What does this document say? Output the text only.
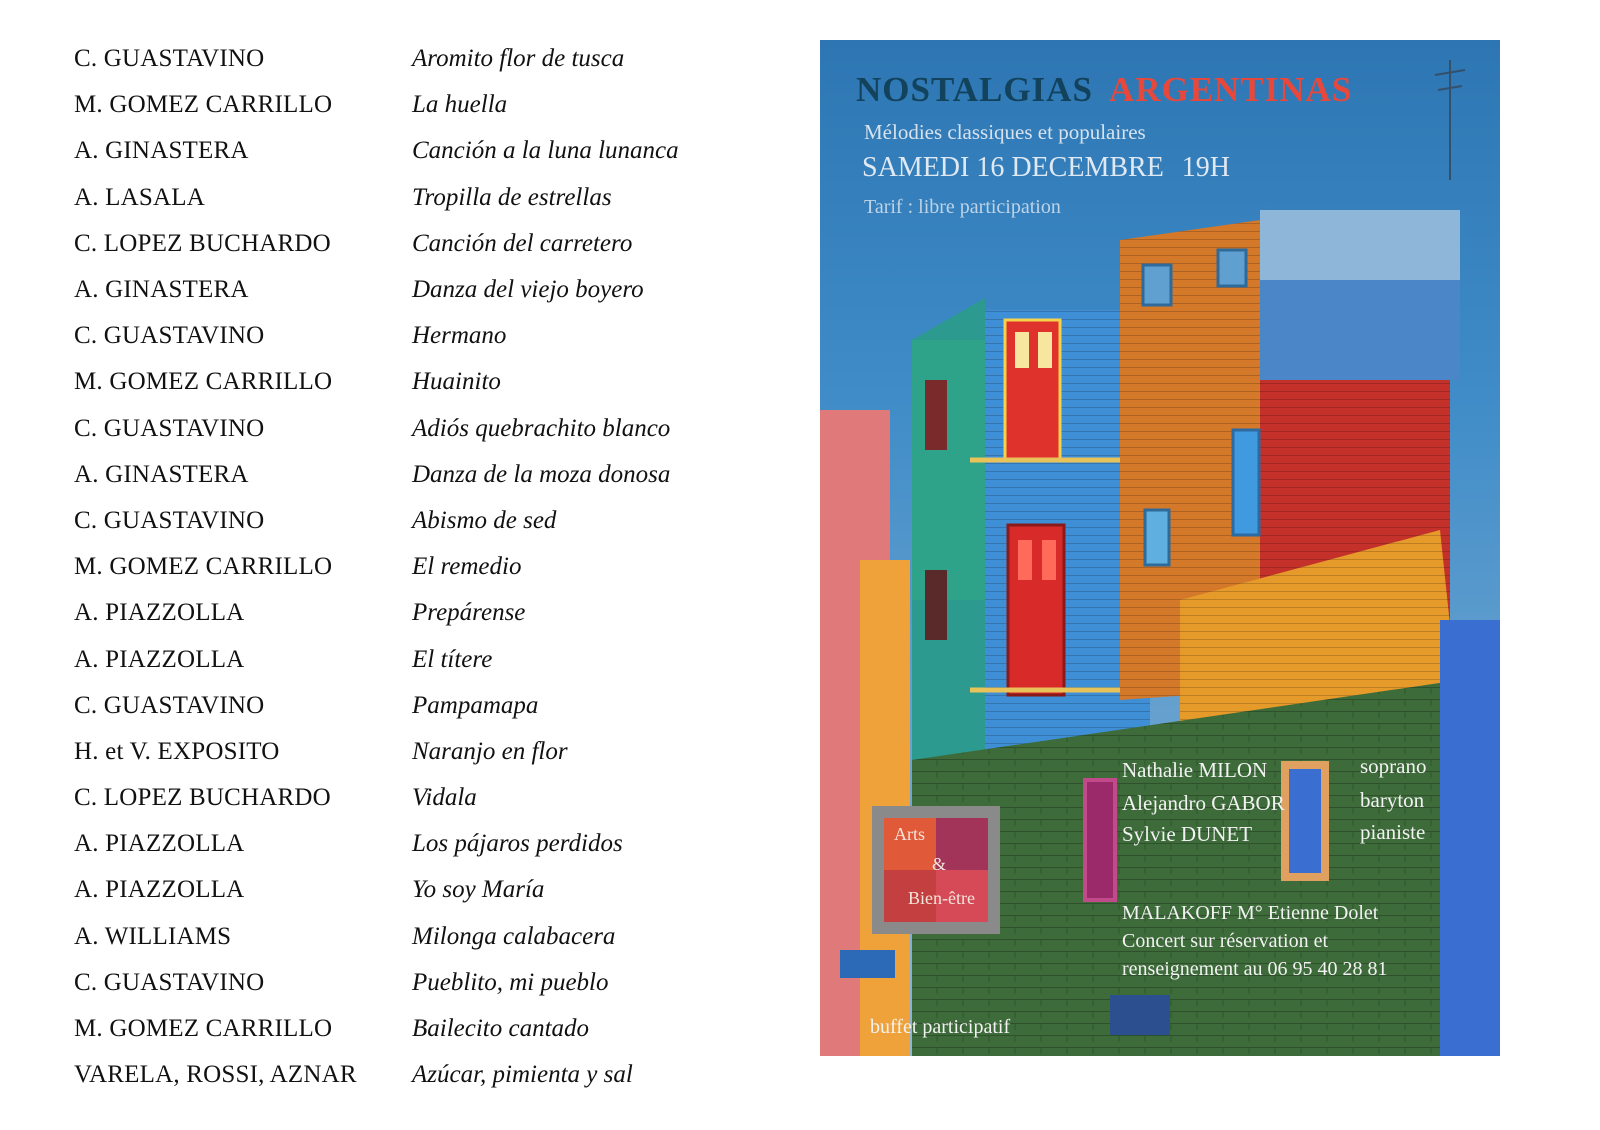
C. GUASTAVINO	Aromito flor de tusca
M. GOMEZ CARRILLO	La huella
A. GINASTERA	Canción a la luna lunanca
A. LASALA	Tropilla de estrellas
C. LOPEZ BUCHARDO	Canción del carretero
A. GINASTERA	Danza del viejo boyero
C. GUASTAVINO	Hermano
M. GOMEZ CARRILLO	Huainito
C. GUASTAVINO	Adiós quebrachito blanco
A. GINASTERA	Danza de la moza donosa
C. GUASTAVINO	Abismo de sed
M. GOMEZ CARRILLO	El remedio
A. PIAZZOLLA	Prepárense
A. PIAZZOLLA	El títere
C. GUASTAVINO	Pampamapa
H. et V. EXPOSITO	Naranjo en flor
C. LOPEZ BUCHARDO	Vidala
A. PIAZZOLLA	Los pájaros perdidos
A. PIAZZOLLA	Yo soy María
A. WILLIAMS	Milonga calabacera
C. GUASTAVINO	Pueblito, mi pueblo
M. GOMEZ CARRILLO	Bailecito cantado
VARELA, ROSSI, AZNAR	Azúcar, pimienta y sal
NOSTALGIAS ARGENTINAS
Mélodies classiques et populaires
SAMEDI 16 DECEMBRE 19H
Tarif : libre participation
Nathalie MILON	soprano
Alejandro GABOR	baryton
Sylvie DUNET	pianiste
MALAKOFF M° Etienne Dolet
Concert sur réservation et
renseignement au 06 95 40 28 81
buffet participatif
Arts
&
Bien-être
